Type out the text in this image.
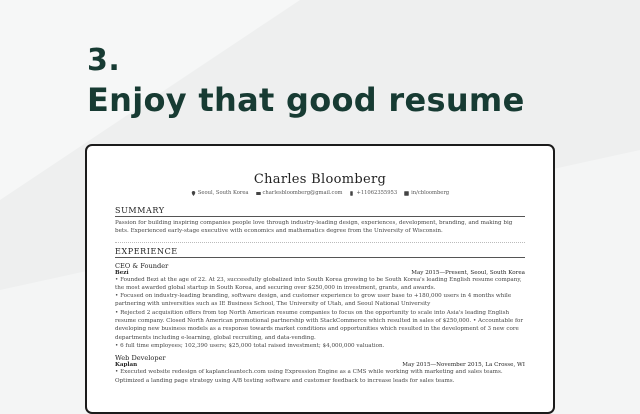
3.
Enjoy that good resume
Charles Bloomberg
Seoul, South Korea	charlesbloomberg@gmail.com	+11062355953	in/cbloomberg
SUMMARY
Passion for building inspiring companies people love through industry-leading design, experiences, development, branding, and making big bets. Experienced early-stage executive with economics and mathematics degree from the University of Wisconsin.
EXPERIENCE
CEO & Founder
Bezi	May 2015—Present, Seoul, South Korea
• Founded Bezi at the age of 22. At 23, successfully globalized into South Korea growing to be South Korea's leading English resume company, the most awarded global startup in South Korea, and securing over $250,000 in investment, grants, and awards.
• Focused on industry-leading branding, software design, and customer experience to grow user base to +180,000 users in 4 months while partnering with universities such as IE Business School, The University of Utah, and Seoul National University
• Rejected 2 acquisition offers from top North American resume companies to focus on the opportunity to scale into Asia's leading English resume company. Closed North American promotional partnership with StackCommerce which resulted in sales of $250,000. • Accountable for developing new business models as a response towards market conditions and opportunities which resulted in the development of 3 new core departments including e-learning, global recruiting, and data-vending.
• 6 full time employees; 102,390 users; $25,000 total raised investment; $4,000,000 valuation.
Web Developer
Kaplan	May 2015—November 2015, La Crosse, WI
• Executed website redesign of kaplancleantech.com using Expression Engine as a CMS while working with marketing and sales teams.
Optimized a landing page strategy using A/B testing software and customer feedback to increase leads for sales teams.
